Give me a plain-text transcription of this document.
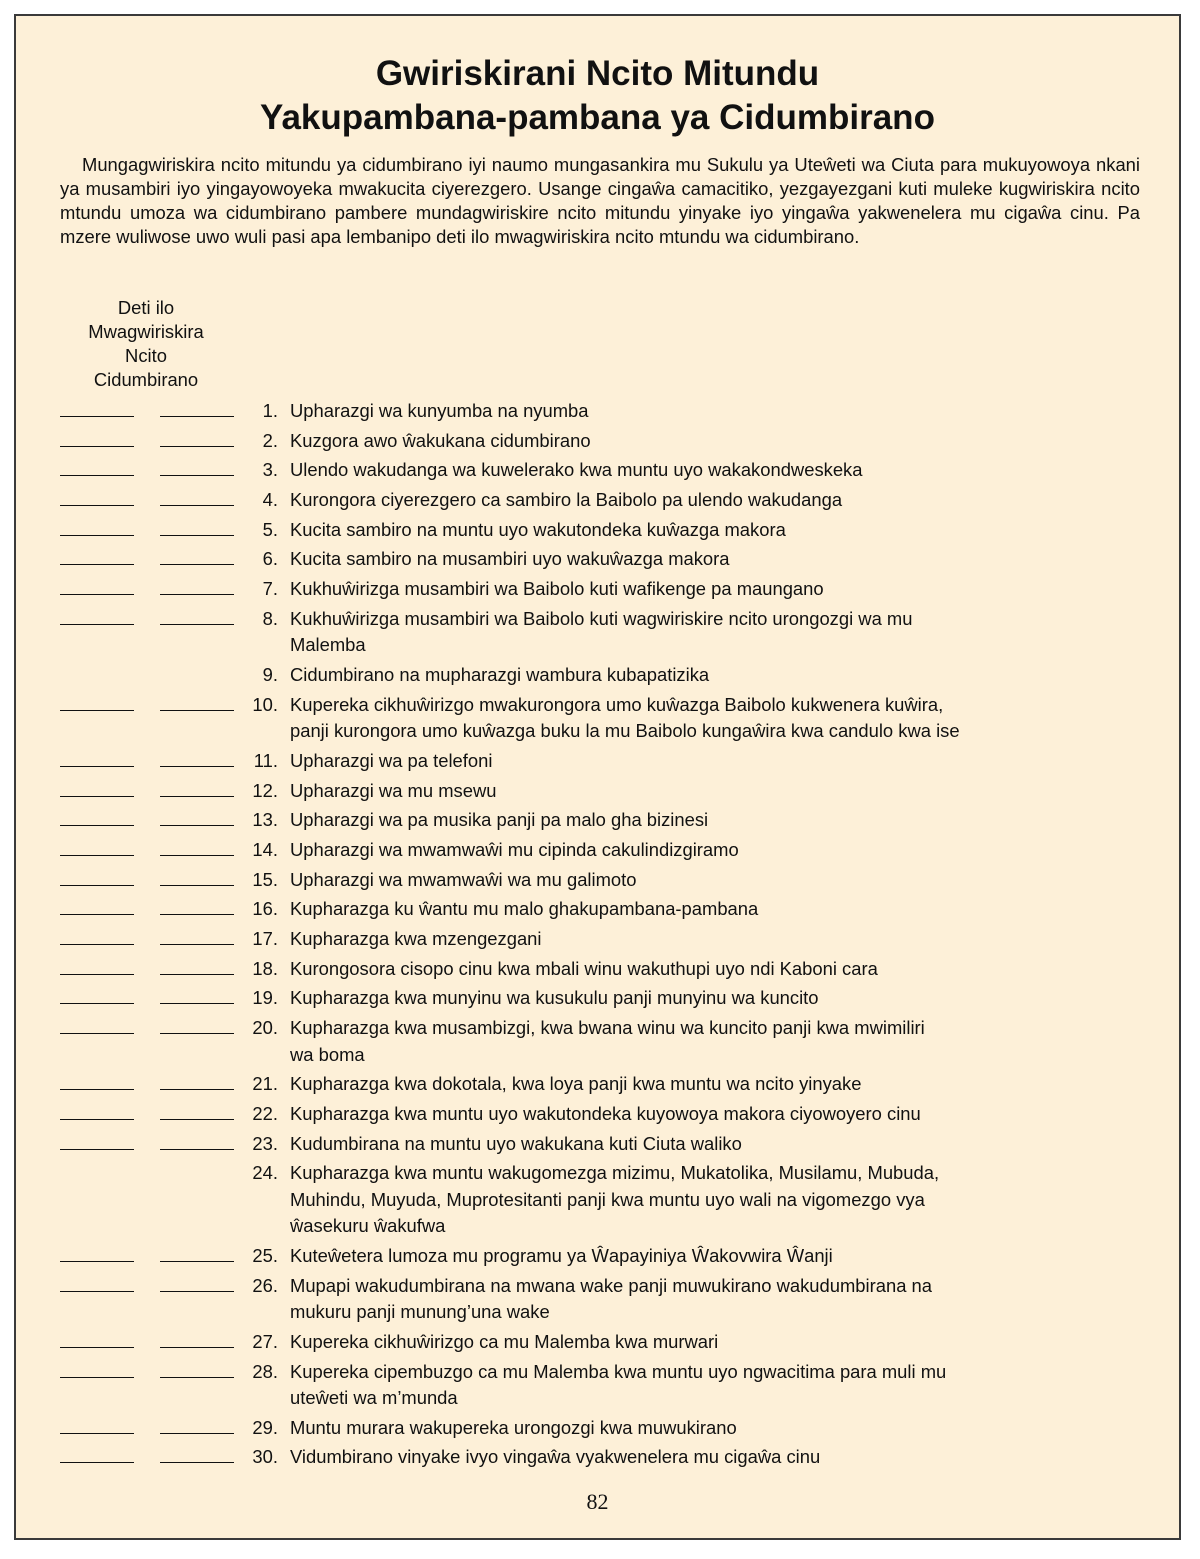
Gwiriskirani Ncito Mitundu
Yakupambana-pambana ya Cidumbirano

Mungagwiriskira ncito mitundu ya cidumbirano iyi naumo mungasankira mu Sukulu ya Uteŵeti wa Ciuta para mukuyowoya nkani ya musambiri iyo yingayowoyeka mwakucita ciyerezgero. Usange cingaŵa camacitiko, yezgayezgani kuti muleke kugwiriskira ncito mtundu umoza wa cidumbirano pambere mundagwiriskire ncito mitundu yinyake iyo yingaŵa yakwenelera mu cigaŵa cinu. Pa mzere wuliwose uwo wuli pasi apa lembanipo deti ilo mwagwiriskira ncito mtundu wa cidumbirano.

Deti ilo
Mwagwiriskira
Ncito
Cidumbirano
1. Upharazgi wa kunyumba na nyumba
2. Kuzgora awo ŵakukana cidumbirano
3. Ulendo wakudanga wa kuwelerako kwa muntu uyo wakakondweskeka
4. Kurongora ciyerezgero ca sambiro la Baibolo pa ulendo wakudanga
5. Kucita sambiro na muntu uyo wakutondeka kuŵazga makora
6. Kucita sambiro na musambiri uyo wakuŵazga makora
7. Kukhuŵirizga musambiri wa Baibolo kuti wafikenge pa maungano
8. Kukhuŵirizga musambiri wa Baibolo kuti wagwiriskire ncito urongozgi wa mu
Malemba
9. Cidumbirano na mupharazgi wambura kubapatizika
10. Kupereka cikhuŵirizgo mwakurongora umo kuŵazga Baibolo kukwenera kuŵira,
panji kurongora umo kuŵazga buku la mu Baibolo kungaŵira kwa candulo kwa ise
11. Upharazgi wa pa telefoni
12. Upharazgi wa mu msewu
13. Upharazgi wa pa musika panji pa malo gha bizinesi
14. Upharazgi wa mwamwaŵi mu cipinda cakulindizgiramo
15. Upharazgi wa mwamwaŵi wa mu galimoto
16. Kupharazga ku ŵantu mu malo ghakupambana-pambana
17. Kupharazga kwa mzengezgani
18. Kurongosora cisopo cinu kwa mbali winu wakuthupi uyo ndi Kaboni cara
19. Kupharazga kwa munyinu wa kusukulu panji munyinu wa kuncito
20. Kupharazga kwa musambizgi, kwa bwana winu wa kuncito panji kwa mwimiliri
wa boma
21. Kupharazga kwa dokotala, kwa loya panji kwa muntu wa ncito yinyake
22. Kupharazga kwa muntu uyo wakutondeka kuyowoya makora ciyowoyero cinu
23. Kudumbirana na muntu uyo wakukana kuti Ciuta waliko
24. Kupharazga kwa muntu wakugomezga mizimu, Mukatolika, Musilamu, Mubuda,
Muhindu, Muyuda, Muprotesitanti panji kwa muntu uyo wali na vigomezgo vya
ŵasekuru ŵakufwa
25. Kuteŵetera lumoza mu programu ya Ŵapayiniya Ŵakovwira Ŵanji
26. Mupapi wakudumbirana na mwana wake panji muwukirano wakudumbirana na
mukuru panji munung’una wake
27. Kupereka cikhuŵirizgo ca mu Malemba kwa murwari
28. Kupereka cipembuzgo ca mu Malemba kwa muntu uyo ngwacitima para muli mu
uteŵeti wa m’munda
29. Muntu murara wakupereka urongozgi kwa muwukirano
30. Vidumbirano vinyake ivyo vingaŵa vyakwenelera mu cigaŵa cinu
82
